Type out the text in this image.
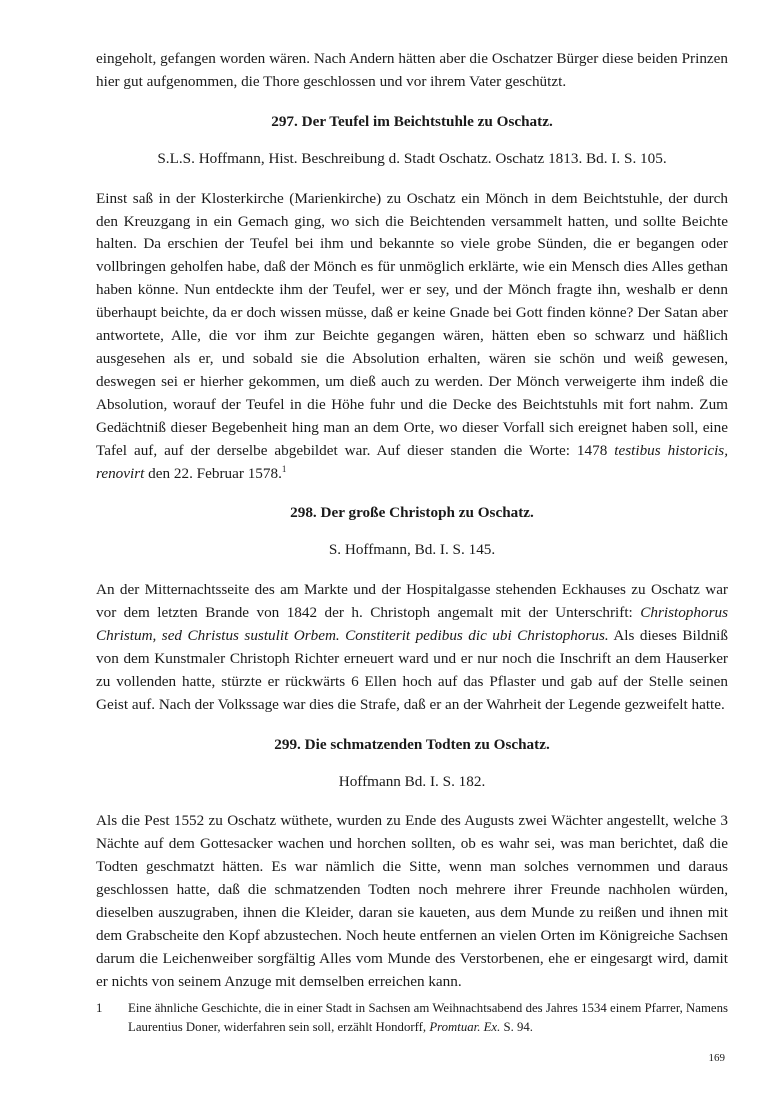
eingeholt, gefangen worden wären. Nach Andern hätten aber die Oschatzer Bürger diese beiden Prinzen hier gut aufgenommen, die Thore geschlossen und vor ihrem Vater geschützt.

297. Der Teufel im Beichtstuhle zu Oschatz.

S.L.S. Hoffmann, Hist. Beschreibung d. Stadt Oschatz. Oschatz 1813. Bd. I. S. 105.

Einst saß in der Klosterkirche (Marienkirche) zu Oschatz ein Mönch in dem Beichtstuhle, der durch den Kreuzgang in ein Gemach ging, wo sich die Beichtenden versammelt hatten, und sollte Beichte halten. Da erschien der Teufel bei ihm und bekannte so viele grobe Sünden, die er begangen oder vollbringen geholfen habe, daß der Mönch es für unmöglich erklärte, wie ein Mensch dies Alles gethan haben könne. Nun entdeckte ihm der Teufel, wer er sey, und der Mönch fragte ihn, weshalb er denn überhaupt beichte, da er doch wissen müsse, daß er keine Gnade bei Gott finden könne? Der Satan aber antwortete, Alle, die vor ihm zur Beichte gegangen wären, hätten eben so schwarz und häßlich ausgesehen als er, und sobald sie die Absolution erhalten, wären sie schön und weiß gewesen, deswegen sei er hierher gekommen, um dieß auch zu werden. Der Mönch verweigerte ihm indeß die Absolution, worauf der Teufel in die Höhe fuhr und die Decke des Beichtstuhls mit fort nahm. Zum Gedächtniß dieser Begebenheit hing man an dem Orte, wo dieser Vorfall sich ereignet haben soll, eine Tafel auf, auf der derselbe abgebildet war. Auf dieser standen die Worte: 1478 testibus historicis, renovirt den 22. Februar 1578.$^1$

298. Der große Christoph zu Oschatz.

S. Hoffmann, Bd. I. S. 145.

An der Mitternachtsseite des am Markte und der Hospitalgasse stehenden Eckhauses zu Oschatz war vor dem letzten Brande von 1842 der h. Christoph angemalt mit der Unterschrift: Christophorus Christum, sed Christus sustulit Orbem. Constiterit pedibus dic ubi Christophorus. Als dieses Bildniß von dem Kunstmaler Christoph Richter erneuert ward und er nur noch die Inschrift an dem Hauserker zu vollenden hatte, stürzte er rückwärts 6 Ellen hoch auf das Pflaster und gab auf der Stelle seinen Geist auf. Nach der Volkssage war dies die Strafe, daß er an der Wahrheit der Legende gezweifelt hatte.

299. Die schmatzenden Todten zu Oschatz.

Hoffmann Bd. I. S. 182.

Als die Pest 1552 zu Oschatz wüthete, wurden zu Ende des Augusts zwei Wächter angestellt, welche 3 Nächte auf dem Gottesacker wachen und horchen sollten, ob es wahr sei, was man berichtet, daß die Todten geschmatzt hätten. Es war nämlich die Sitte, wenn man solches vernommen und daraus geschlossen hatte, daß die schmatzenden Todten noch mehrere ihrer Freunde nachholen würden, dieselben auszugraben, ihnen die Kleider, daran sie kaueten, aus dem Munde zu reißen und ihnen mit dem Grabscheite den Kopf abzustechen. Noch heute entfernen an vielen Orten im Königreiche Sachsen darum die Leichenweiber sorgfältig Alles vom Munde des Verstorbenen, ehe er eingesargt wird, damit er nichts von seinem Anzuge mit demselben erreichen kann.

1	Eine ähnliche Geschichte, die in einer Stadt in Sachsen am Weihnachtsabend des Jahres 1534 einem Pfarrer, Namens Laurentius Doner, widerfahren sein soll, erzählt Hondorff, Promtuar. Ex. S. 94.
169
